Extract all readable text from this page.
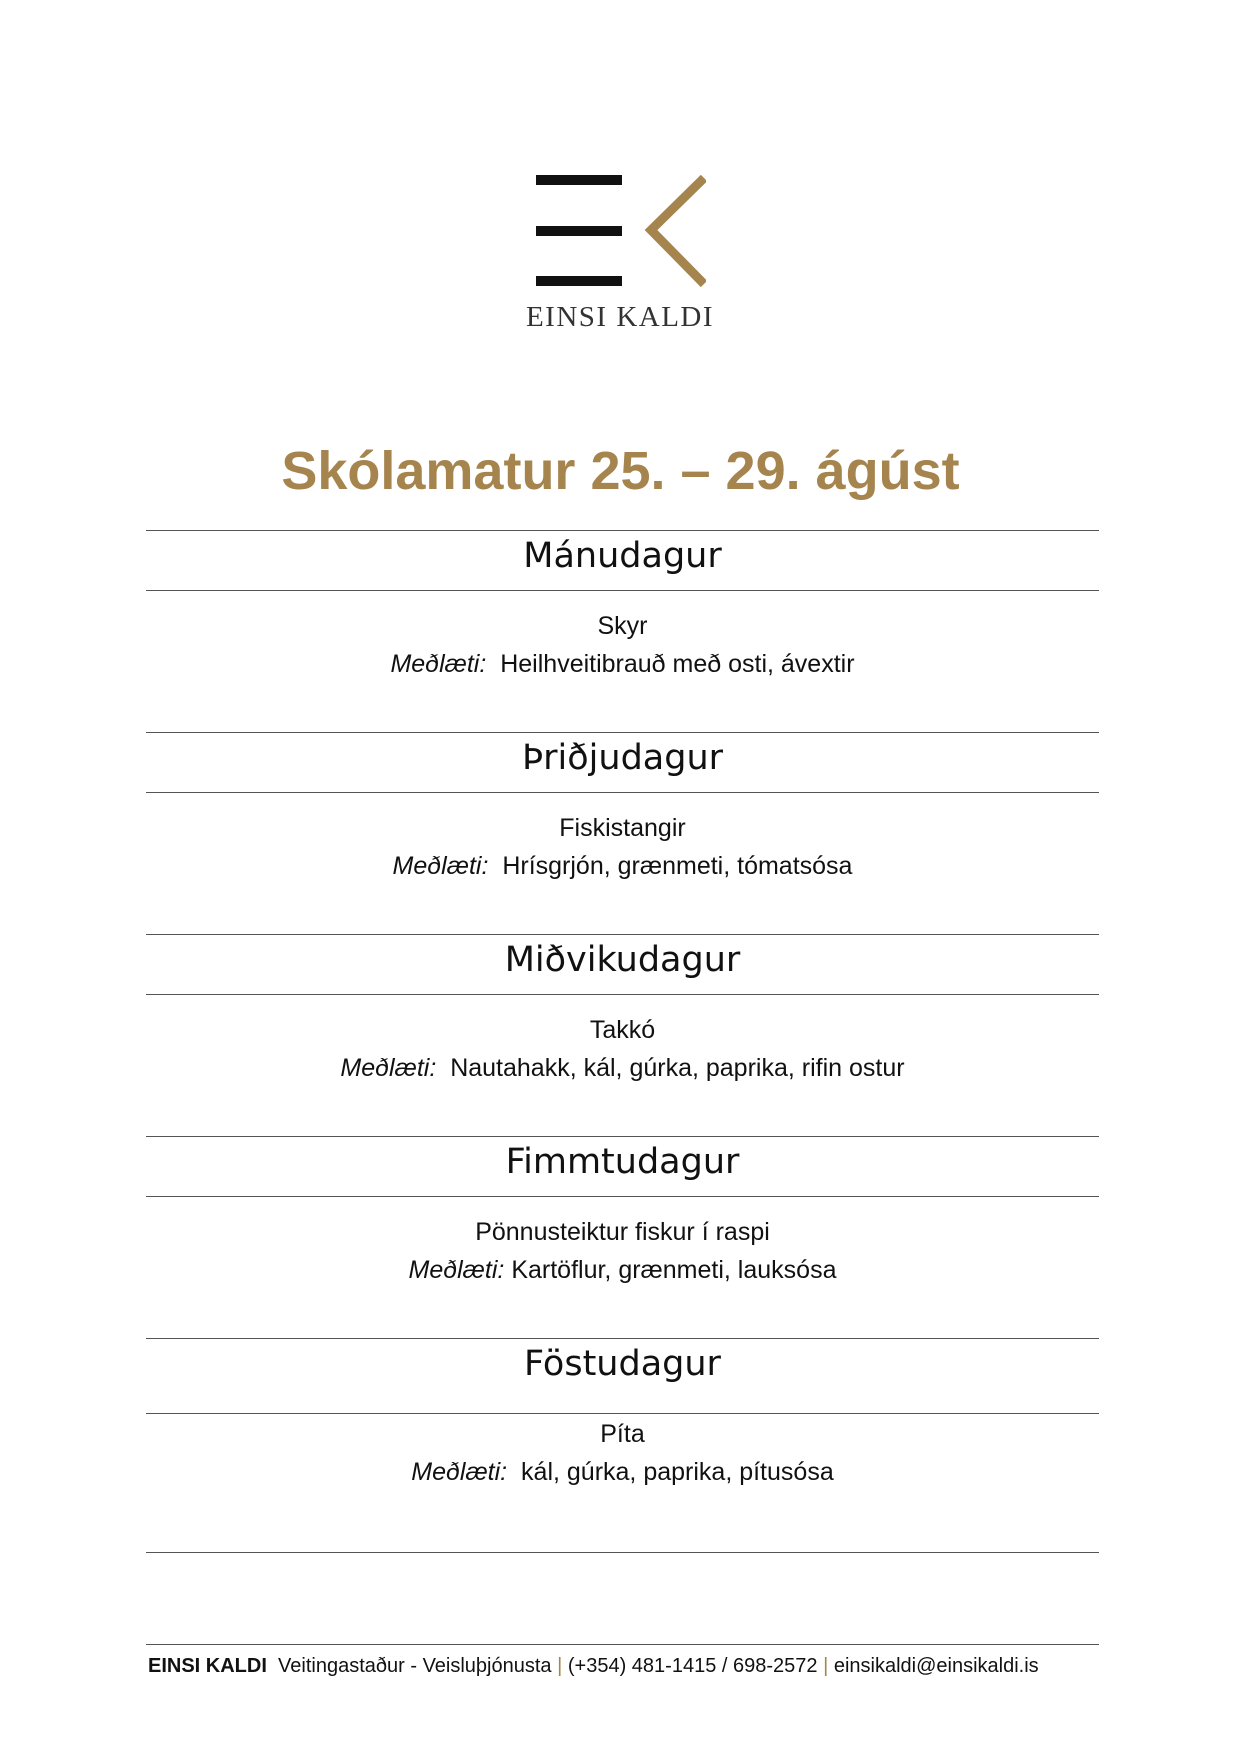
EINSI KALDI
Skólamatur 25. – 29. ágúst
Mánudagur
Skyr
Meðlæti: Heilhveitibrauð með osti, ávextir
Þriðjudagur
Fiskistangir
Meðlæti: Hrísgrjón, grænmeti, tómatsósa
Miðvikudagur
Takkó
Meðlæti: Nautahakk, kál, gúrka, paprika, rifin ostur
Fimmtudagur
Pönnusteiktur fiskur í raspi
Meðlæti: Kartöflur, grænmeti, lauksósa
Föstudagur
Píta
Meðlæti: kál, gúrka, paprika, pítusósa
EINSI KALDI Veitingastaður - Veisluþjónusta | (+354) 481-1415 / 698-2572 | einsikaldi@einsikaldi.is
